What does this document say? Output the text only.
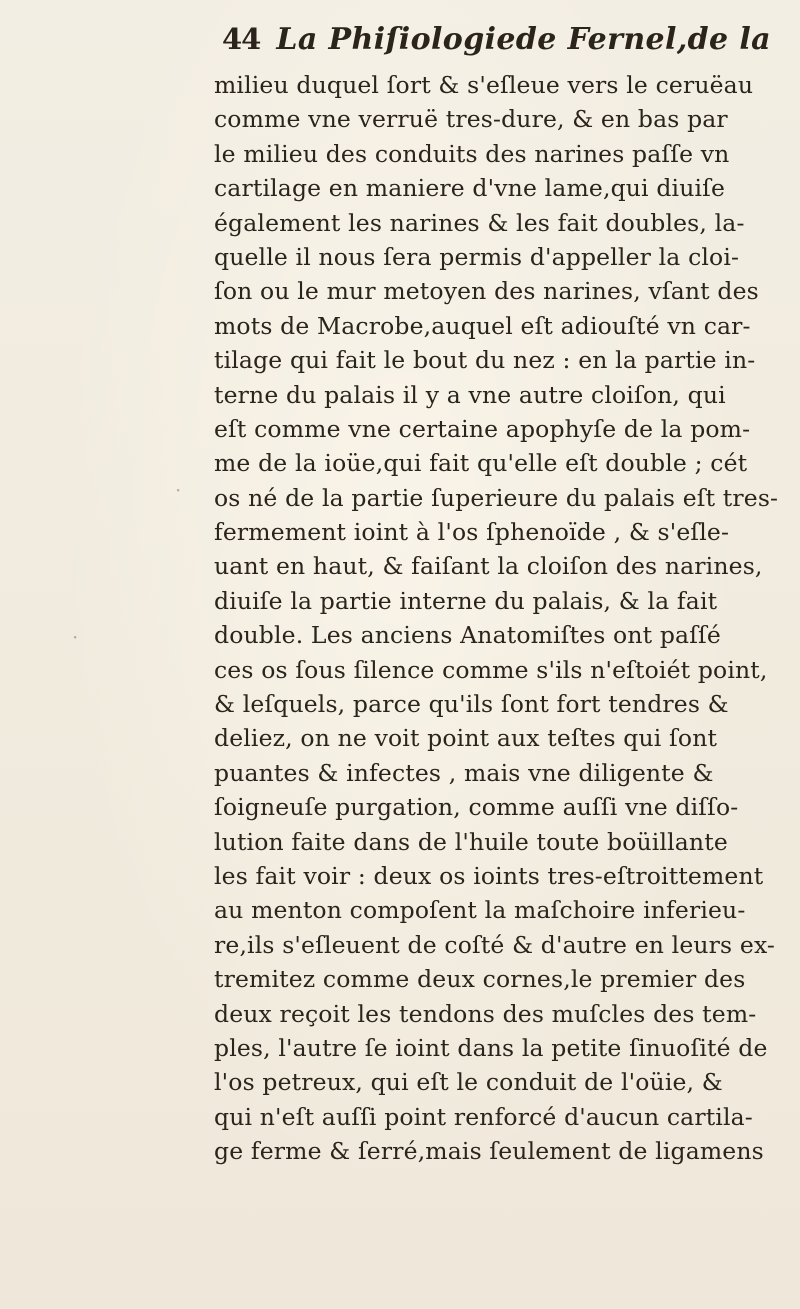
44 La Phiſiologiede Fernel,de la
milieu duquel ſort & s'eſleue vers le ceruëau
comme vne verruë tres-dure, & en bas par
le milieu des conduits des narines paſſe vn
cartilage en maniere d'vne lame,qui diuiſe
également les narines & les fait doubles, la-
quelle il nous ſera permis d'appeller la cloi-
ſon ou le mur metoyen des narines, vſant des
mots de Macrobe,auquel eſt adiouſté vn car-
tilage qui fait le bout du nez : en la partie in-
terne du palais il y a vne autre cloiſon, qui
eſt comme vne certaine apophyſe de la pom-
me de la ioüe,qui fait qu'elle eſt double ; cét
os né de la partie ſuperieure du palais eſt tres-
fermement ioint à l'os ſphenoïde , & s'eſle-
uant en haut, & faiſant la cloiſon des narines,
diuiſe la partie interne du palais, & la fait
double. Les anciens Anatomiſtes ont paſſé
ces os ſous ſilence comme s'ils n'eſtoiét point,
& leſquels, parce qu'ils ſont fort tendres &
deliez, on ne voit point aux teſtes qui ſont
puantes & infectes , mais vne diligente &
ſoigneuſe purgation, comme auſſi vne diſſo-
lution faite dans de l'huile toute boüillante
les fait voir : deux os ioints tres-eſtroittement
au menton compoſent la maſchoire inferieu-
re,ils s'eſleuent de coſté & d'autre en leurs ex-
tremitez comme deux cornes,le premier des
deux reçoit les tendons des muſcles des tem-
ples, l'autre ſe ioint dans la petite ſinuoſité de
l'os petreux, qui eſt le conduit de l'oüie, &
qui n'eſt auſſi point renforcé d'aucun cartila-
ge ferme & ſerré,mais ſeulement de ligamens
·
·
